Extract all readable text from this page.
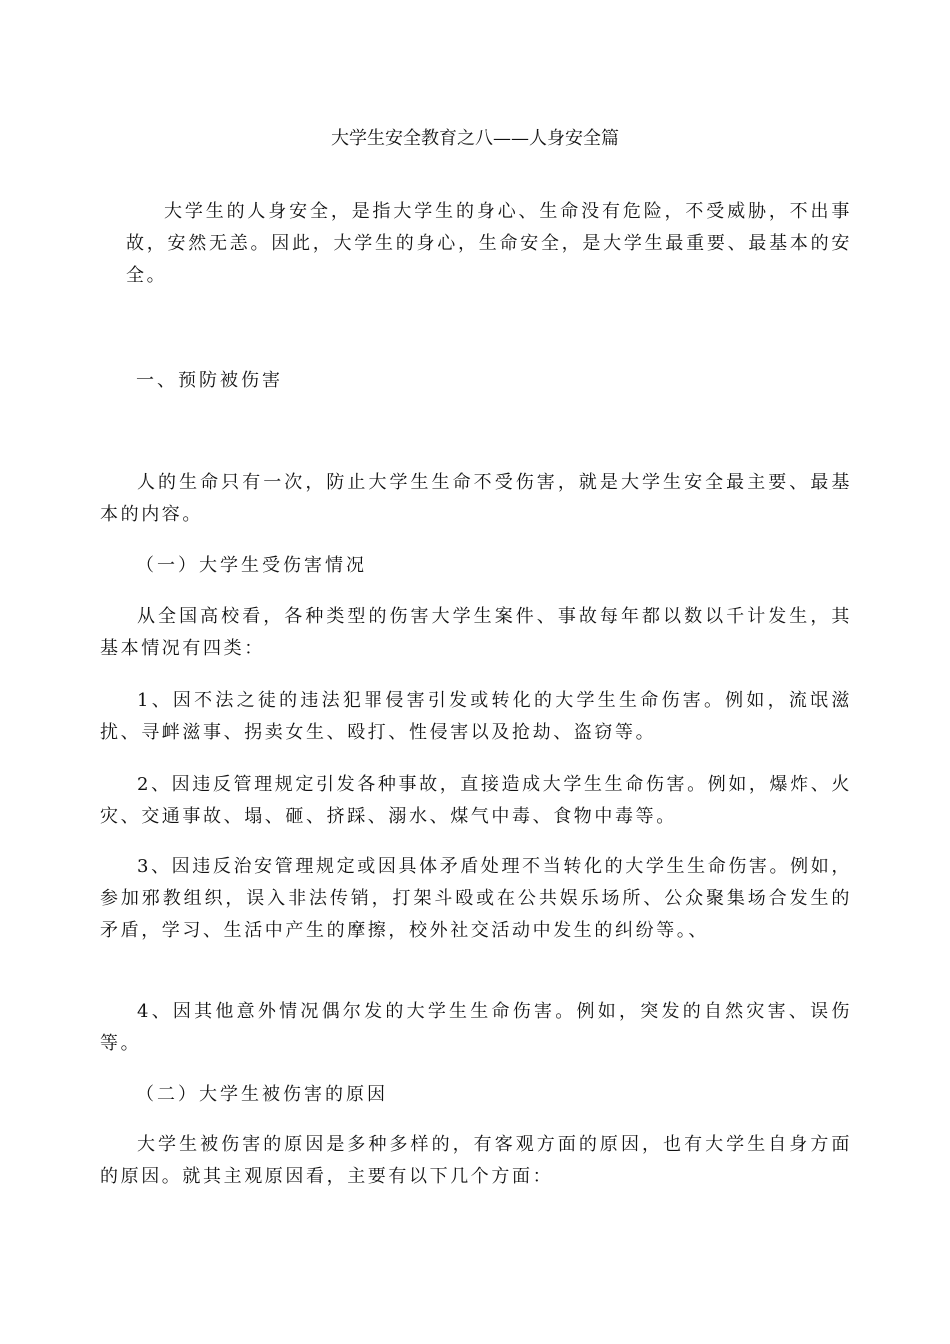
大学生安全教育之八——人身安全篇

大学生的人身安全，是指大学生的身心、生命没有危险，不受威胁，不出事故，安然无恙。因此，大学生的身心，生命安全，是大学生最重要、最基本的安全。

一、预防被伤害

人的生命只有一次，防止大学生生命不受伤害，就是大学生安全最主要、最基本的内容。

（一）大学生受伤害情况

从全国高校看，各种类型的伤害大学生案件、事故每年都以数以千计发生，其基本情况有四类：

1、因不法之徒的违法犯罪侵害引发或转化的大学生生命伤害。例如，流氓滋扰、寻衅滋事、拐卖女生、殴打、性侵害以及抢劫、盗窃等。

2、因违反管理规定引发各种事故，直接造成大学生生命伤害。例如，爆炸、火灾、交通事故、塌、砸、挤踩、溺水、煤气中毒、食物中毒等。

3、因违反治安管理规定或因具体矛盾处理不当转化的大学生生命伤害。例如，参加邪教组织，误入非法传销，打架斗殴或在公共娱乐场所、公众聚集场合发生的矛盾，学习、生活中产生的摩擦，校外社交活动中发生的纠纷等。、

4、因其他意外情况偶尔发的大学生生命伤害。例如，突发的自然灾害、误伤等。

（二）大学生被伤害的原因

大学生被伤害的原因是多种多样的，有客观方面的原因，也有大学生自身方面的原因。就其主观原因看，主要有以下几个方面：
